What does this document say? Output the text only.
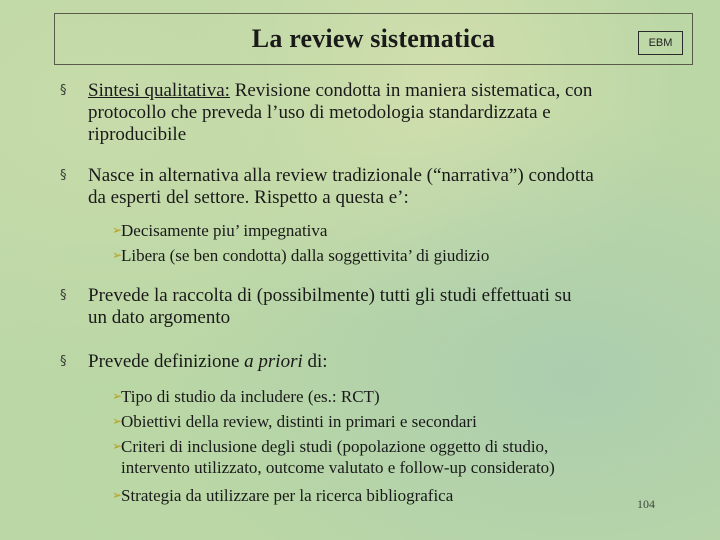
La review sistematica	EBM
§ Sintesi qualitativa: Revisione condotta in maniera sistematica, con
protocollo che preveda l’uso di metodologia standardizzata e
riproducibile
§ Nasce in alternativa alla review tradizionale (“narrativa”) condotta
da esperti del settore. Rispetto a questa e’:
➢
Decisamente piu’ impegnativa
➢
Libera (se ben condotta) dalla soggettivita’ di giudizio
§ Prevede la raccolta di (possibilmente) tutti gli studi effettuati su
un dato argomento
§ Prevede definizione a priori di:
➢
Tipo di studio da includere (es.: RCT)
➢
Obiettivi della review, distinti in primari e secondari
➢
Criteri di inclusione degli studi (popolazione oggetto di studio,
intervento utilizzato, outcome valutato e follow-up considerato)
➢
Strategia da utilizzare per la ricerca bibliografica	104
